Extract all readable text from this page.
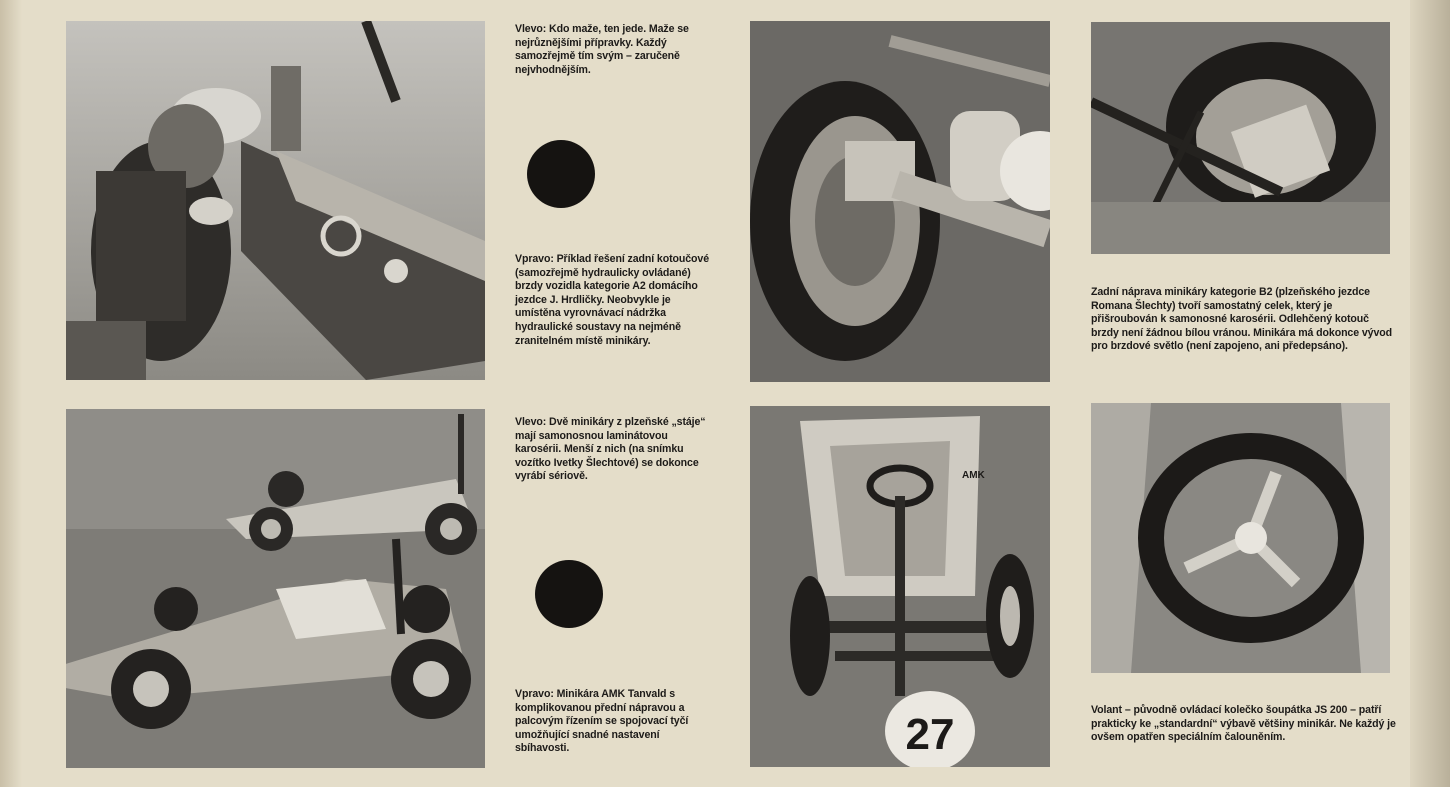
27
AMK

Vlevo: Kdo maže, ten jede. Maže se nejrůznějšími přípravky. Každý samozřejmě tím svým – zaručeně nejvhodnějším.

Vpravo: Příklad řešení zadní kotoučové (samozřejmě hydraulicky ovládané) brzdy vozidla kategorie A2 domácího jezdce J. Hrdličky. Neobvykle je umístěna vyrovnávací nádržka hydraulické soustavy na nejméně zranitelném místě minikáry.

Vlevo: Dvě minikáry z plzeňské „stáje“ mají samonosnou laminátovou karosérii. Menší z nich (na snímku vozítko Ivetky Šlechtové) se dokonce vyrábí sériově.

Vpravo: Minikára AMK Tanvald s komplikovanou přední nápravou a palcovým řízením se spojovací tyčí umožňující snadné nastavení sbíhavosti.

Zadní náprava minikáry kategorie B2 (plzeňského jezdce Romana Šlechty) tvoří samostatný celek, který je přišroubován k samonosné karosérii. Odlehčený kotouč brzdy není žádnou bílou vránou. Minikára má dokonce vývod pro brzdové světlo (není zapojeno, ani předepsáno).

Volant – původně ovládací kolečko šoupátka JS 200 – patří prakticky ke „standardní“ výbavě většiny minikár. Ne každý je ovšem opatřen speciálním čalouněním.
